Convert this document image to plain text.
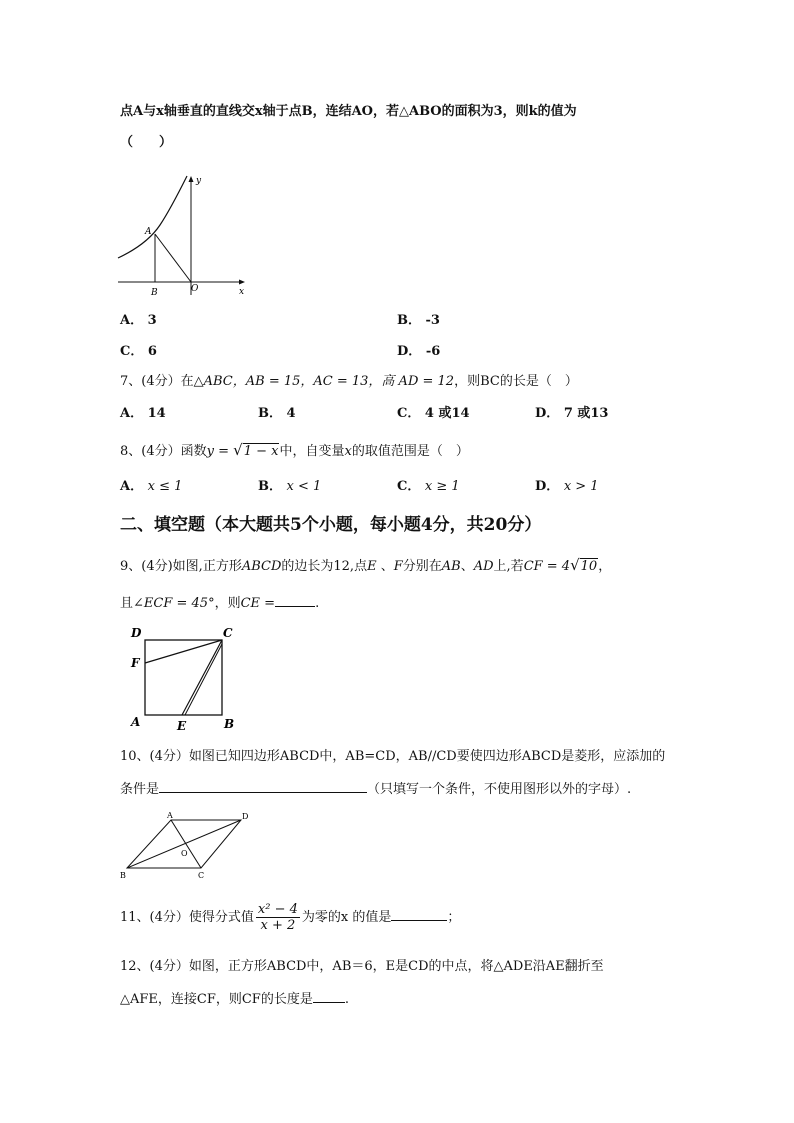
点A与x轴垂直的直线交x轴于点B，连结AO，若△ABO的面积为3，则k的值为
（　　）
y
x
A
B	O
A． 3	B． -3
C． 6	D． -6
7、(4分）在△ABC，AB = 15，AC = 13，高 AD = 12，则BC的长是（　）
A． 14	B． 4	C． 4 或14	D． 7 或13
8、(4分）函数y = √1 − x中，自变量x的取值范围是（　）
A． x ≤ 1	B． x < 1	C． x ≥ 1	D． x > 1
二、填空题（本大题共5个小题，每小题4分，共20分）
9、(4分)如图,正方形ABCD的边长为12,点E 、F分别在AB、AD上,若CF = 4√10，
且∠ECF = 45°，则CE =	.
D	C
F
A	E	B
10、(4分）如图已知四边形ABCD中，AB=CD，AB//CD要使四边形ABCD是菱形，应添加的
条件是	（只填写一个条件，不使用图形以外的字母）.
A	D
O
B	C
11、(4分）使得分式值 $\frac{\text{x² − 4}}{x + 2}$ 为零的x 的值是	；
12、(4分）如图，正方形ABCD中，AB＝6，E是CD的中点，将△ADE沿AE翻折至
△AFE，连接CF，则CF的长度是 .
